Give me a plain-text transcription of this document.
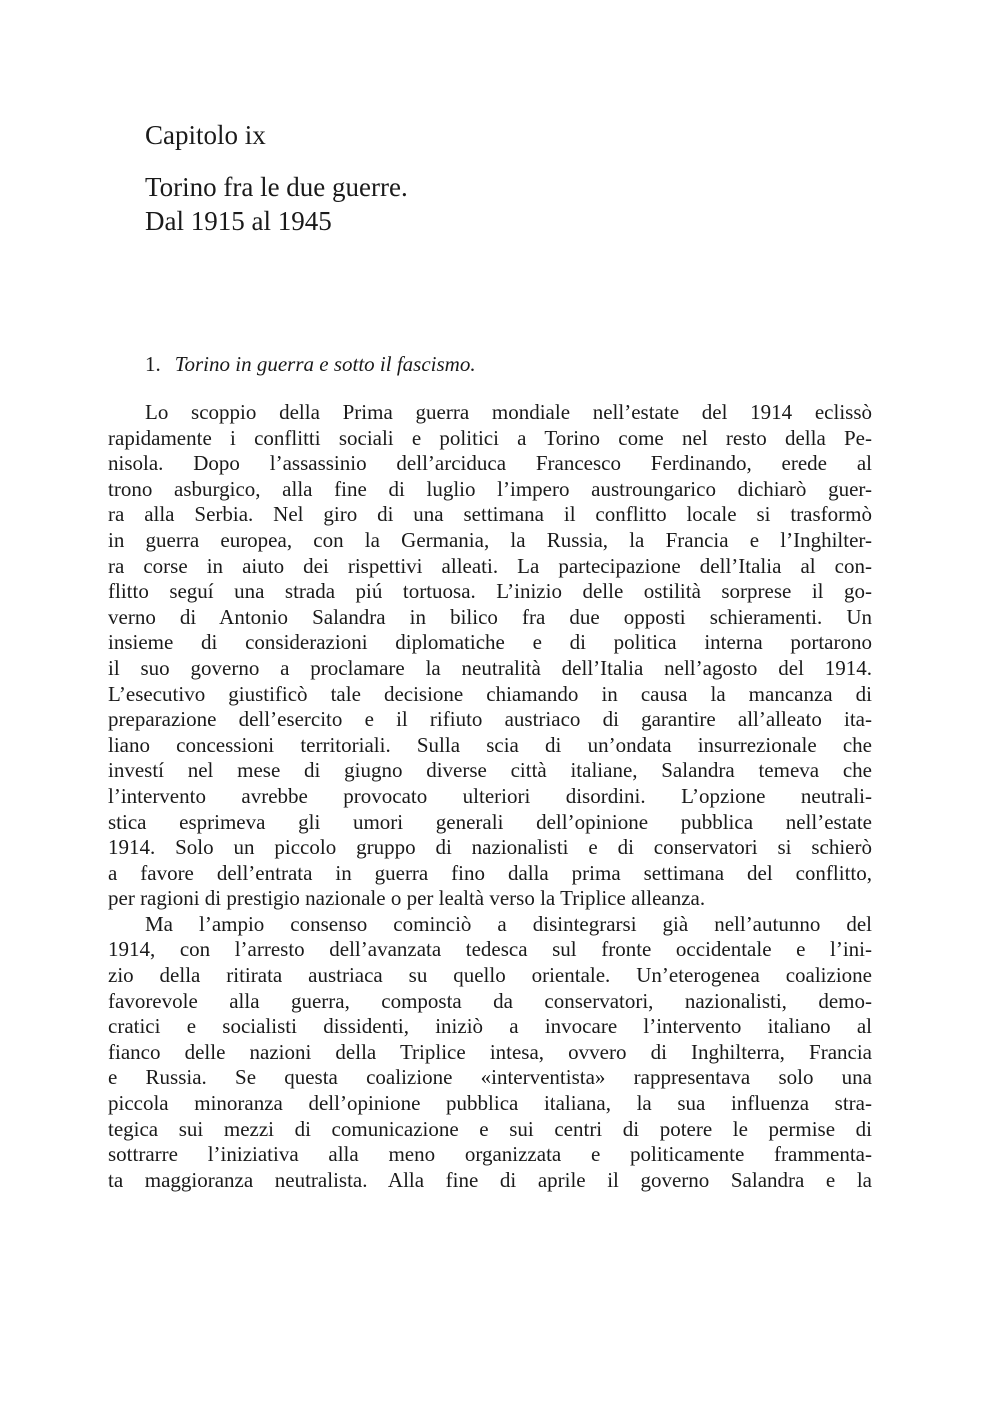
Capitolo ix
Torino fra le due guerre.
Dal 1915 al 1945
1. Torino in guerra e sotto il fascismo.
Lo scoppio della Prima guerra mondiale nell’estate del 1914 eclissò
rapidamente i conflitti sociali e politici a Torino come nel resto della Pe-
nisola. Dopo l’assassinio dell’arciduca Francesco Ferdinando, erede al
trono asburgico, alla fine di luglio l’impero austroungarico dichiarò guer-
ra alla Serbia. Nel giro di una settimana il conflitto locale si trasformò
in guerra europea, con la Germania, la Russia, la Francia e l’Inghilter-
ra corse in aiuto dei rispettivi alleati. La partecipazione dell’Italia al con-
flitto seguí una strada piú tortuosa. L’inizio delle ostilità sorprese il go-
verno di Antonio Salandra in bilico fra due opposti schieramenti. Un
insieme di considerazioni diplomatiche e di politica interna portarono
il suo governo a proclamare la neutralità dell’Italia nell’agosto del 1914.
L’esecutivo giustificò tale decisione chiamando in causa la mancanza di
preparazione dell’esercito e il rifiuto austriaco di garantire all’alleato ita-
liano concessioni territoriali. Sulla scia di un’ondata insurrezionale che
investí nel mese di giugno diverse città italiane, Salandra temeva che
l’intervento avrebbe provocato ulteriori disordini. L’opzione neutrali-
stica esprimeva gli umori generali dell’opinione pubblica nell’estate
1914. Solo un piccolo gruppo di nazionalisti e di conservatori si schierò
a favore dell’entrata in guerra fino dalla prima settimana del conflitto,
per ragioni di prestigio nazionale o per lealtà verso la Triplice alleanza.
Ma l’ampio consenso cominciò a disintegrarsi già nell’autunno del
1914, con l’arresto dell’avanzata tedesca sul fronte occidentale e l’ini-
zio della ritirata austriaca su quello orientale. Un’eterogenea coalizione
favorevole alla guerra, composta da conservatori, nazionalisti, demo-
cratici e socialisti dissidenti, iniziò a invocare l’intervento italiano al
fianco delle nazioni della Triplice intesa, ovvero di Inghilterra, Francia
e Russia. Se questa coalizione «interventista» rappresentava solo una
piccola minoranza dell’opinione pubblica italiana, la sua influenza stra-
tegica sui mezzi di comunicazione e sui centri di potere le permise di
sottrarre l’iniziativa alla meno organizzata e politicamente frammenta-
ta maggioranza neutralista. Alla fine di aprile il governo Salandra e la
